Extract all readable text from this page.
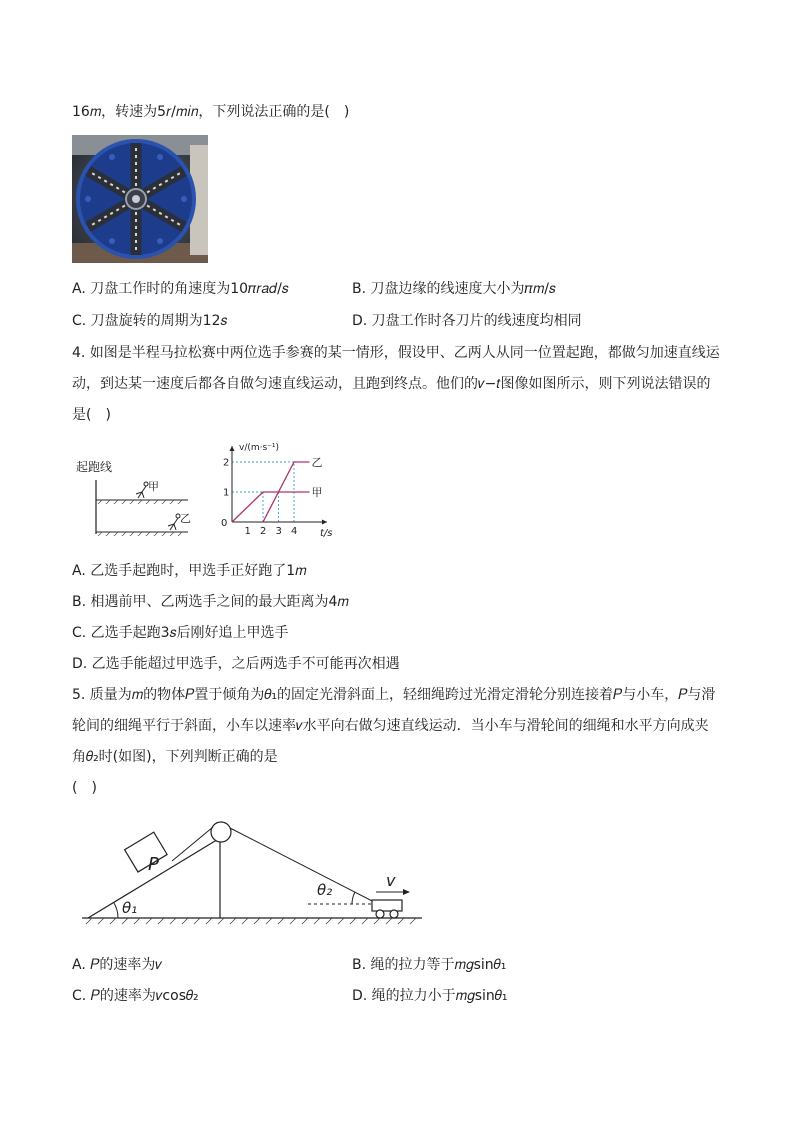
16𝑚，转速为5𝑟/𝑚𝑖𝑛，下列说法正确的是(　)
A. 刀盘工作时的角速度为10𝜋𝑟𝑎𝑑/𝑠	B. 刀盘边缘的线速度大小为𝜋𝑚/𝑠
C. 刀盘旋转的周期为12𝑠	D. 刀盘工作时各刀片的线速度均相同
4. 如图是半程马拉松赛中两位选手参赛的某一情形，假设甲、乙两人从同一位置起跑，都做匀加速直线运
动，到达某一速度后都各自做匀速直线运动，且跑到终点。他们的𝑣−𝑡图像如图所示，则下列说法错误的
是(　)
起跑线
甲
乙
v/(m·s⁻¹)
t/s
0
1
2
1 2 3 4
甲
乙
A. 乙选手起跑时，甲选手正好跑了1𝑚
B. 相遇前甲、乙两选手之间的最大距离为4𝑚
C. 乙选手起跑3𝑠后刚好追上甲选手
D. 乙选手能超过甲选手，之后两选手不可能再次相遇
5. 质量为𝑚的物体𝑃置于倾角为𝜃₁的固定光滑斜面上，轻细绳跨过光滑定滑轮分别连接着𝑃与小车，𝑃与滑
轮间的细绳平行于斜面，小车以速率𝑣水平向右做匀速直线运动．当小车与滑轮间的细绳和水平方向成夹
角𝜃₂时(如图)，下列判断正确的是
(　)
P
θ₁
θ₂	v
A. 𝑃的速率为𝑣	B. 绳的拉力等于𝑚𝑔sin𝜃₁
C. 𝑃的速率为𝑣cos𝜃₂	D. 绳的拉力小于𝑚𝑔sin𝜃₁
